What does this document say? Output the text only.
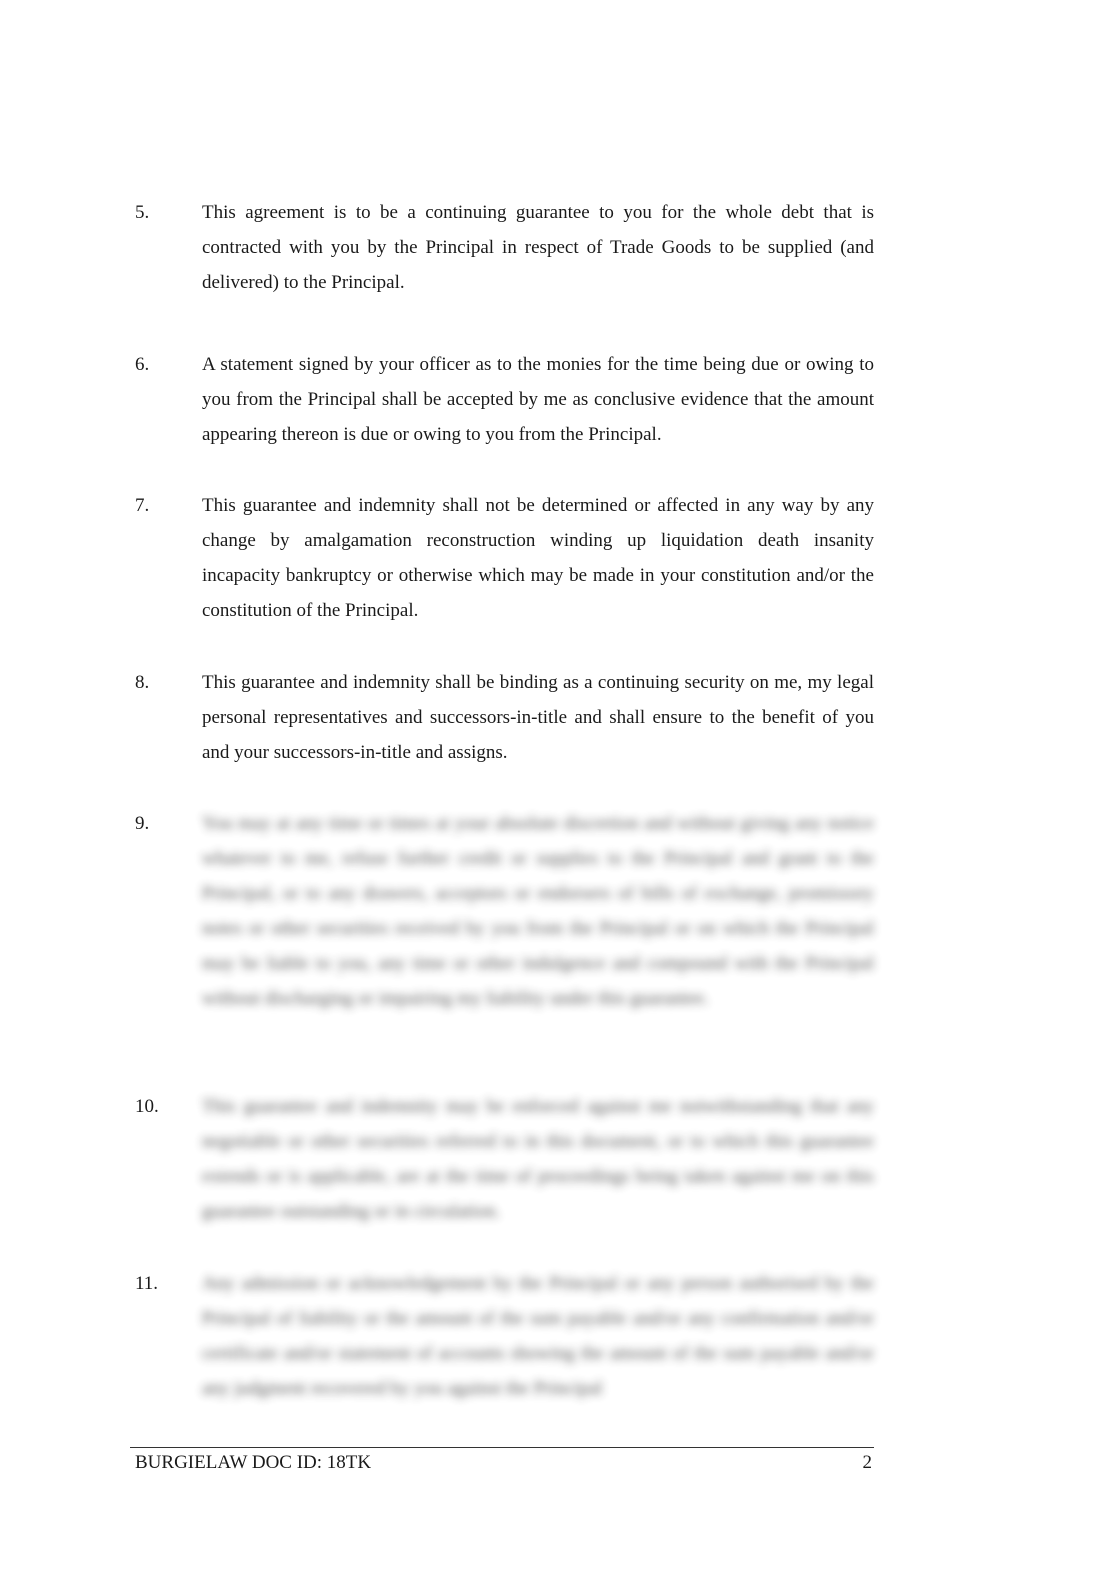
5.	This agreement is to be a continuing guarantee to you for the whole debt that is contracted with you by the Principal in respect of Trade Goods to be supplied (and delivered) to the Principal.
6.	A statement signed by your officer as to the monies for the time being due or owing to you from the Principal shall be accepted by me as conclusive evidence that the amount appearing thereon is due or owing to you from the Principal.
7.	This guarantee and indemnity shall not be determined or affected in any way by any change by amalgamation reconstruction winding up liquidation death insanity incapacity bankruptcy or otherwise which may be made in your constitution and/or the constitution of the Principal.
8.	This guarantee and indemnity shall be binding as a continuing security on me, my legal personal representatives and successors-in-title and shall ensure to the benefit of you and your successors-in-title and assigns.
9.	You may at any time or times at your absolute discretion and without giving any notice whatever to me, refuse further credit or supplies to the Principal and grant to the Principal, or to any drawers, acceptors or endorsers of bills of exchange, promissory notes or other securities received by you from the Principal or on which the Principal may be liable to you, any time or other indulgence and compound with the Principal without discharging or impairing my liability under this guarantee.
10. This guarantee and indemnity may be enforced against me notwithstanding that any negotiable or other securities referred to in this document, or to which this guarantee extends or is applicable, are at the time of proceedings being taken against me on this guarantee outstanding or in circulation.
11. Any admission or acknowledgement by the Principal or any person authorised by the Principal of liability or the amount of the sum payable and/or any confirmation and/or certificate and/or statement of accounts showing the amount of the sum payable and/or any judgment recovered by you against the Principal
BURGIELAW DOC ID: 18TK	2
